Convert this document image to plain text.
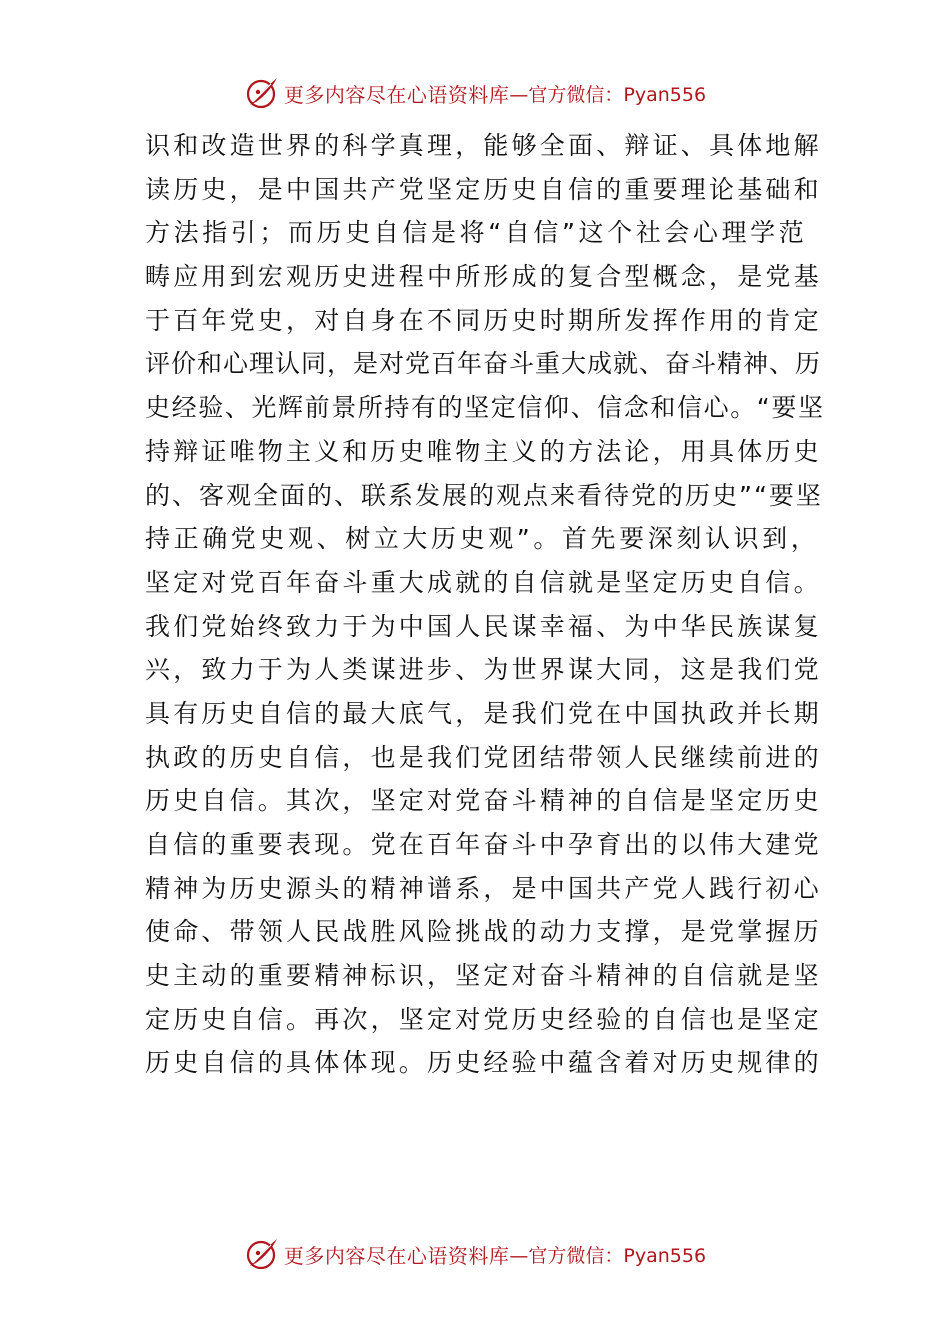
更多内容尽在心语资料库 —官方微信：Pyan556
识和改造世界的科学真理，能够全面、辩证、具体地解
读历史，是中国共产党坚定历史自信的重要理论基础和
方法指引；而历史自信是将“自信”这个社会心理学范
畴应用到宏观历史进程中所形成的复合型概念，是党基
于百年党史，对自身在不同历史时期所发挥作用的肯定
评价和心理认同，是对党百年奋斗重大成就、奋斗精神、历
史经验、光辉前景所持有的坚定信仰、信念和信心。“要坚
持辩证唯物主义和历史唯物主义的方法论，用具体历史
的、客观全面的、联系发展的观点来看待党的历史”“要坚
持正确党史观、树立大历史观”。首先要深刻认识到，
坚定对党百年奋斗重大成就的自信就是坚定历史自信。
我们党始终致力于为中国人民谋幸福、为中华民族谋复
兴，致力于为人类谋进步、为世界谋大同，这是我们党
具有历史自信的最大底气，是我们党在中国执政并长期
执政的历史自信，也是我们党团结带领人民继续前进的
历史自信。其次，坚定对党奋斗精神的自信是坚定历史
自信的重要表现。党在百年奋斗中孕育出的以伟大建党
精神为历史源头的精神谱系，是中国共产党人践行初心
使命、带领人民战胜风险挑战的动力支撑，是党掌握历
史主动的重要精神标识，坚定对奋斗精神的自信就是坚
定历史自信。再次，坚定对党历史经验的自信也是坚定
历史自信的具体体现。历史经验中蕴含着对历史规律的
更多内容尽在心语资料库 —官方微信：Pyan556
